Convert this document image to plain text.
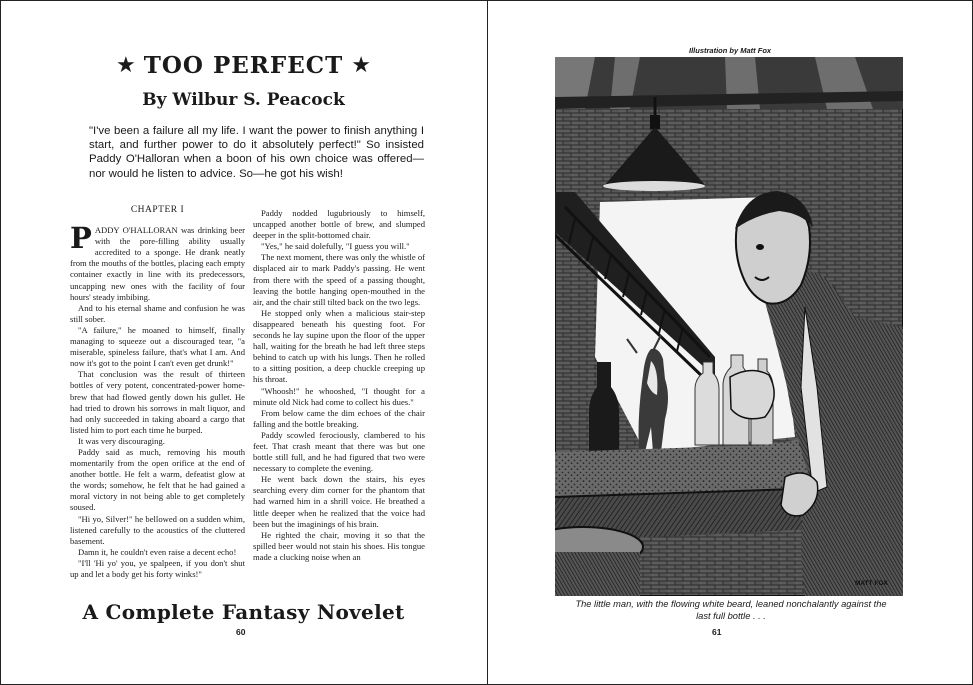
★ TOO PERFECT ★
By Wilbur S. Peacock

"I've been a failure all my life. I want the power to finish anything I start, and further power to do it absolutely perfect!" So insisted Paddy O'Halloran when a boon of his own choice was offered—nor would he listen to advice. So—he got his wish!

CHAPTER I

PADDY O'HALLORAN was drinking beer with the pore-filling ability usually accredited to a sponge. He drank neatly from the mouths of the bottles, placing each empty container exactly in line with its predecessors, uncapping new ones with the facility of four hours' steady imbibing.

And to his eternal shame and confusion he was still sober.

"A failure," he moaned to himself, finally managing to squeeze out a discouraged tear, "a miserable, spineless failure, that's what I am. And now it's got to the point I can't even get drunk!"

That conclusion was the result of thirteen bottles of very potent, concentrated-power home-brew that had flowed gently down his gullet. He had tried to drown his sorrows in malt liquor, and had only succeeded in taking aboard a cargo that listed him to port each time he burped.

It was very discouraging.

Paddy said as much, removing his mouth momentarily from the open orifice at the end of another bottle. He felt a warm, defeatist glow at the words; somehow, he felt that he had gained a moral victory in not being able to get completely soused.

"Hi yo, Silver!" he bellowed on a sudden whim, listened carefully to the acoustics of the cluttered basement.

Damn it, he couldn't even raise a decent echo!

"I'll 'Hi yo' you, ye spalpeen, if you don't shut up and let a body get his forty winks!"

Paddy nodded lugubriously to himself, uncapped another bottle of brew, and slumped deeper in the split-bottomed chair.

"Yes," he said dolefully, "I guess you will."

The next moment, there was only the whistle of displaced air to mark Paddy's passing. He went from there with the speed of a passing thought, leaving the bottle hanging open-mouthed in the air, and the chair still tilted back on the two legs.

He stopped only when a malicious stair-step disappeared beneath his questing foot. For seconds he lay supine upon the floor of the upper hall, waiting for the breath he had left three steps behind to catch up with his lungs. Then he rolled to a sitting position, a deep chuckle creeping up his throat.

"Whoosh!" he whooshed, "I thought for a minute old Nick had come to collect his dues."

From below came the dim echoes of the chair falling and the bottle breaking.

Paddy scowled ferociously, clambered to his feet. That crash meant that there was but one bottle still full, and he had figured that two were necessary to complete the evening.

He went back down the stairs, his eyes searching every dim corner for the phantom that had warned him in a shrill voice. He breathed a little deeper when he realized that the voice had been but the imaginings of his brain.

He righted the chair, moving it so that the spilled beer would not stain his shoes. His tongue made a clucking noise when an

A Complete Fantasy Novelet
60
Illustration by Matt Fox
MATT FOX

The little man, with the flowing white beard, leaned nonchalantly against the last full bottle . . .

61
